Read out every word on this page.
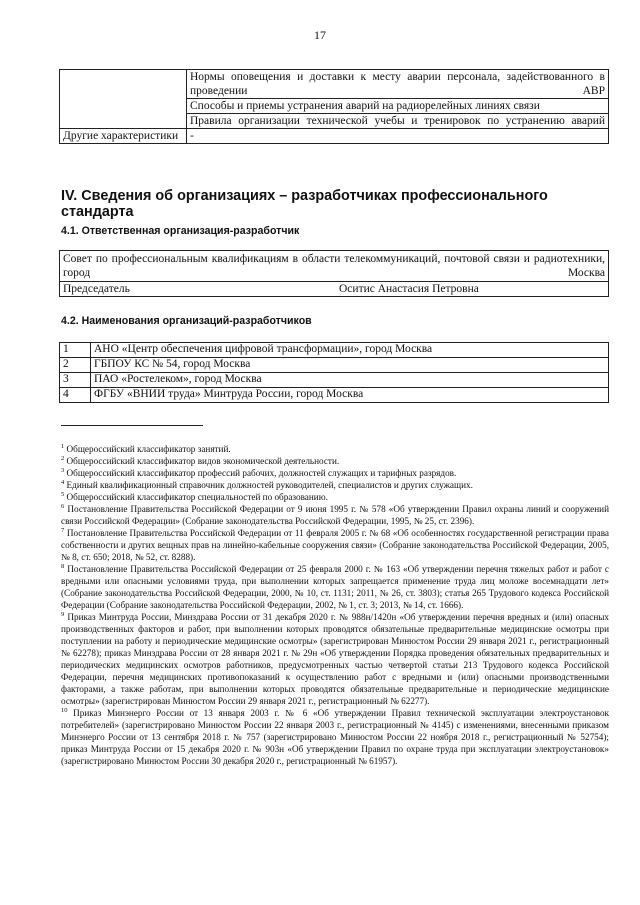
17
	Нормы оповещения и доставки к месту аварии персонала, задействованного в проведении АВР
	Способы и приемы устранения аварий на радиорелейных линиях связи
	Правила организации технической учебы и тренировок по устранению аварий
Другие характеристики	-
IV. Сведения об организациях – разработчиках профессионального стандарта
4.1. Ответственная организация-разработчик
Совет по профессиональным квалификациям в области телекоммуникаций, почтовой связи и радиотехники, город Москва
Председатель	Оситис Анастасия Петровна
4.2. Наименования организаций-разработчиков
1	АНО «Центр обеспечения цифровой трансформации», город Москва
2	ГБПОУ КС № 54, город Москва
3	ПАО «Ростелеком», город Москва
4	ФГБУ «ВНИИ труда» Минтруда России, город Москва
$^1$ Общероссийский классификатор занятий.
$^2$ Общероссийский классификатор видов экономической деятельности.
$^3$ Общероссийский классификатор профессий рабочих, должностей служащих и тарифных разрядов.
$^4$ Единый квалификационный справочник должностей руководителей, специалистов и других служащих.
$^5$ Общероссийский классификатор специальностей по образованию.
$^6$ Постановление Правительства Российской Федерации от 9 июня 1995 г. № 578 «Об утверждении Правил охраны линий и сооружений связи Российской Федерации» (Собрание законодательства Российской Федерации, 1995, № 25, ст. 2396).
$^7$ Постановление Правительства Российской Федерации от 11 февраля 2005 г. № 68 «Об особенностях государственной регистрации права собственности и других вещных прав на линейно-кабельные сооружения связи» (Собрание законодательства Российской Федерации, 2005, № 8, ст. 650; 2018, № 52, ст. 8288).
$^8$ Постановление Правительства Российской Федерации от 25 февраля 2000 г. № 163 «Об утверждении перечня тяжелых работ и работ с вредными или опасными условиями труда, при выполнении которых запрещается применение труда лиц моложе восемнадцати лет» (Собрание законодательства Российской Федерации, 2000, № 10, ст. 1131; 2011, № 26, ст. 3803); статья 265 Трудового кодекса Российской Федерации (Собрание законодательства Российской Федерации, 2002, № 1, ст. 3; 2013, № 14, ст. 1666).
$^9$ Приказ Минтруда России, Минздрава России от 31 декабря 2020 г. № 988н/1420н «Об утверждении перечня вредных и (или) опасных производственных факторов и работ, при выполнении которых проводятся обязательные предварительные медицинские осмотры при поступлении на работу и периодические медицинские осмотры» (зарегистрирован Минюстом России 29 января 2021 г., регистрационный № 62278); приказ Минздрава России от 28 января 2021 г. № 29н «Об утверждении Порядка проведения обязательных предварительных и периодических медицинских осмотров работников, предусмотренных частью четвертой статьи 213 Трудового кодекса Российской Федерации, перечня медицинских противопоказаний к осуществлению работ с вредными и (или) опасными производственными факторами, а также работам, при выполнении которых проводятся обязательные предварительные и периодические медицинские осмотры» (зарегистрирован Минюстом России 29 января 2021 г., регистрационный № 62277).
$^{10}$ Приказ Минэнерго России от 13 января 2003 г. № 6 «Об утверждении Правил технической эксплуатации электроустановок потребителей» (зарегистрировано Минюстом России 22 января 2003 г., регистрационный № 4145) с изменениями, внесенными приказом Минэнерго России от 13 сентября 2018 г. № 757 (зарегистрировано Минюстом России 22 ноября 2018 г., регистрационный № 52754); приказ Минтруда России от 15 декабря 2020 г. № 903н «Об утверждении Правил по охране труда при эксплуатации электроустановок» (зарегистрировано Минюстом России 30 декабря 2020 г., регистрационный № 61957).
